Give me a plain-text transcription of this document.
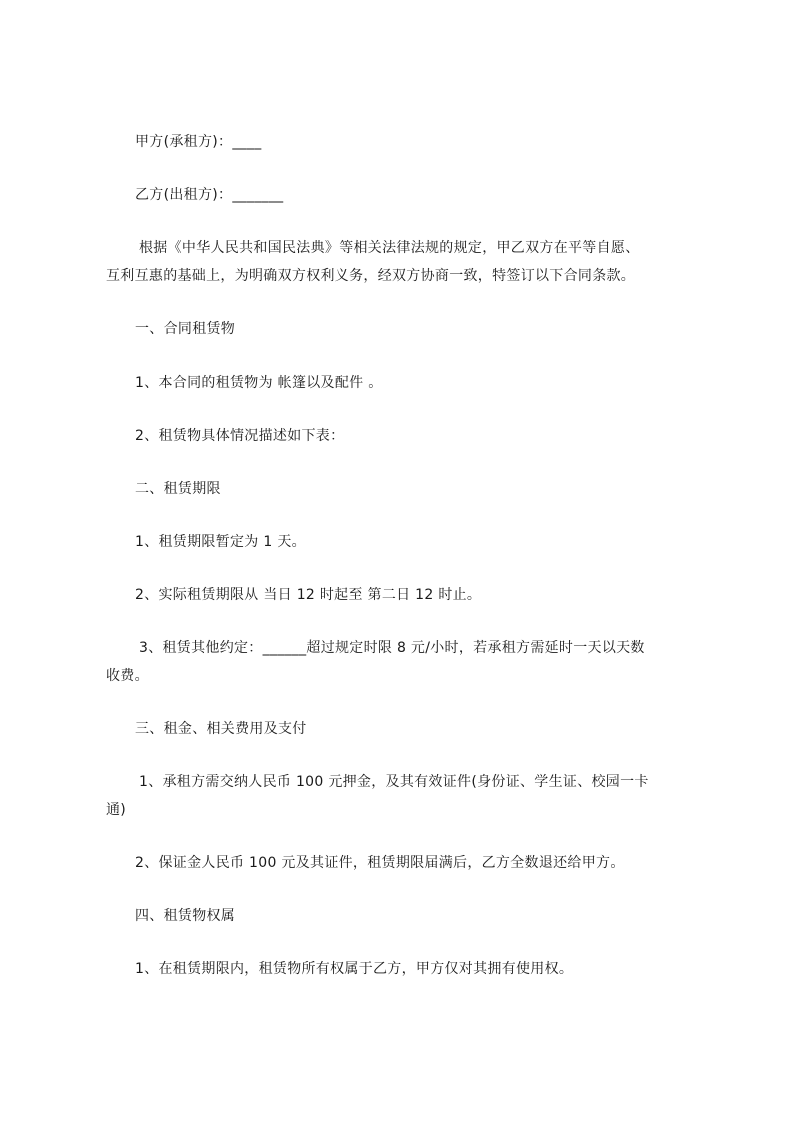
甲方(承租方)：____
乙方(出租方)：_______
根据《中华人民共和国民法典》等相关法律法规的规定，甲乙双方在平等自愿、
互利互惠的基础上，为明确双方权利义务，经双方协商一致，特签订以下合同条款。
一、合同租赁物
1、本合同的租赁物为 帐篷以及配件 。
2、租赁物具体情况描述如下表：
二、租赁期限
1、租赁期限暂定为 1 天。
2、实际租赁期限从 当日 12 时起至 第二日 12 时止。
3、租赁其他约定：______超过规定时限 8 元/小时，若承租方需延时一天以天数
收费。
三、租金、相关费用及支付
1、承租方需交纳人民币 100 元押金，及其有效证件(身份证、学生证、校园一卡
通)
2、保证金人民币 100 元及其证件，租赁期限届满后，乙方全数退还给甲方。
四、租赁物权属
1、在租赁期限内，租赁物所有权属于乙方，甲方仅对其拥有使用权。
